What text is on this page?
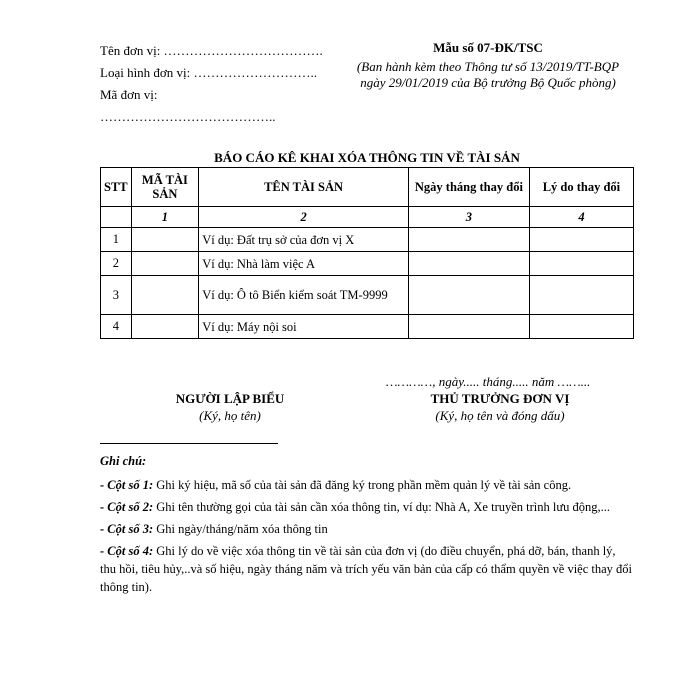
Tên đơn vị: ……………………………….
Loại hình đơn vị: ………………………..
Mã đơn vị:
…………………………………..
Mẫu số 07-ĐK/TSC
(Ban hành kèm theo Thông tư số 13/2019/TT-BQP
ngày 29/01/2019 của Bộ trưởng Bộ Quốc phòng)
BÁO CÁO KÊ KHAI XÓA THÔNG TIN VỀ TÀI SẢN
STT	MÃ TÀI SẢN	TÊN TÀI SẢN	Ngày tháng thay đổi	Lý do thay đổi
	1	2	3	4
1		Ví dụ: Đất trụ sở của đơn vị X		
2		Ví dụ: Nhà làm việc A		
3		Ví dụ: Ô tô Biển kiểm soát TM-9999		
4		Ví dụ: Máy nội soi		
…………, ngày..... tháng..... năm ……...
NGƯỜI LẬP BIỂU
(Ký, họ tên)
THỦ TRƯỞNG ĐƠN VỊ
(Ký, họ tên và đóng dấu)
Ghi chú:

- Cột số 1: Ghi ký hiệu, mã số của tài sản đã đăng ký trong phần mềm quản lý về tài sản công.

- Cột số 2: Ghi tên thường gọi của tài sản cần xóa thông tin, ví dụ: Nhà A, Xe truyền trình lưu động,...

- Cột số 3: Ghi ngày/tháng/năm xóa thông tin

- Cột số 4: Ghi lý do về việc xóa thông tin về tài sản của đơn vị (do điều chuyển, phá dỡ, bán, thanh lý, thu hồi, tiêu hủy,..và số hiệu, ngày tháng năm và trích yếu văn bản của cấp có thẩm quyền về việc thay đổi thông tin).
